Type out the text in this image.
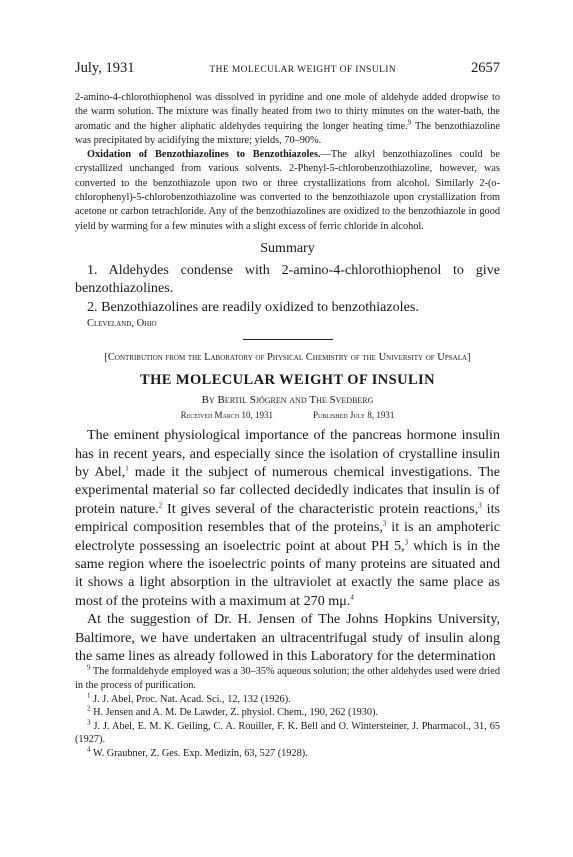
July, 1931	THE MOLECULAR WEIGHT OF INSULIN	2657

2-amino-4-chlorothiophenol was dissolved in pyridine and one mole of aldehyde added dropwise to the warm solution. The mixture was finally heated from two to thirty minutes on the water-bath, the aromatic and the higher aliphatic aldehydes requiring the longer heating time.$^9$ The benzothiazoline was precipitated by acidifying the mixture; yields, 70–90%.

Oxidation of Benzothiazolines to Benzothiazoles.—The alkyl benzothiazolines could be crystallized unchanged from various solvents. 2-Phenyl-5-chlorobenzothiazoline, however, was converted to the benzothiazole upon two or three crystallizations from alcohol. Similarly 2-(o-chlorophenyl)-5-chlorobenzothiazoline was converted to the benzothiazole upon crystallization from acetone or carbon tetrachloride. Any of the benzothiazolines are oxidized to the benzothiazole in good yield by warming for a few minutes with a slight excess of ferric chloride in alcohol.

Summary

1. Aldehydes condense with 2-amino-4-chlorothiophenol to give benzothiazolines.

2. Benzothiazolines are readily oxidized to benzothiazoles.

Cleveland, Ohio
[Contribution from the Laboratory of Physical Chemistry of the University of Upsala]
THE MOLECULAR WEIGHT OF INSULIN
By Bertil Sjögren and The Svedberg
Received March 10, 1931	Published July 8, 1931

The eminent physiological importance of the pancreas hormone insulin has in recent years, and especially since the isolation of crystalline insulin by Abel,$^1$ made it the subject of numerous chemical investigations. The experimental material so far collected decidedly indicates that insulin is of protein nature.$^2$ It gives several of the characteristic protein reactions,$^3$ its empirical composition resembles that of the proteins,$^3$ it is an amphoteric electrolyte possessing an isoelectric point at about PH 5,$^3$ which is in the same region where the isoelectric points of many proteins are situated and it shows a light absorption in the ultraviolet at exactly the same place as most of the proteins with a maximum at 270 mμ.$^4$

At the suggestion of Dr. H. Jensen of The Johns Hopkins University, Baltimore, we have undertaken an ultracentrifugal study of insulin along the same lines as already followed in this Laboratory for the determination

$^9$ The formaldehyde employed was a 30–35% aqueous solution; the other aldehydes used were dried in the process of purification.

$^1$ J. J. Abel, Proc. Nat. Acad. Sci., 12, 132 (1926).

$^2$ H. Jensen and A. M. De Lawder, Z. physiol. Chem., 190, 262 (1930).

$^3$ J. J. Abel, E. M. K. Geiling, C. A. Rouiller, F. K. Bell and O. Wintersteiner, J. Pharmacol., 31, 65 (1927).

$^4$ W. Graubner, Z. Ges. Exp. Medizin, 63, 527 (1928).
